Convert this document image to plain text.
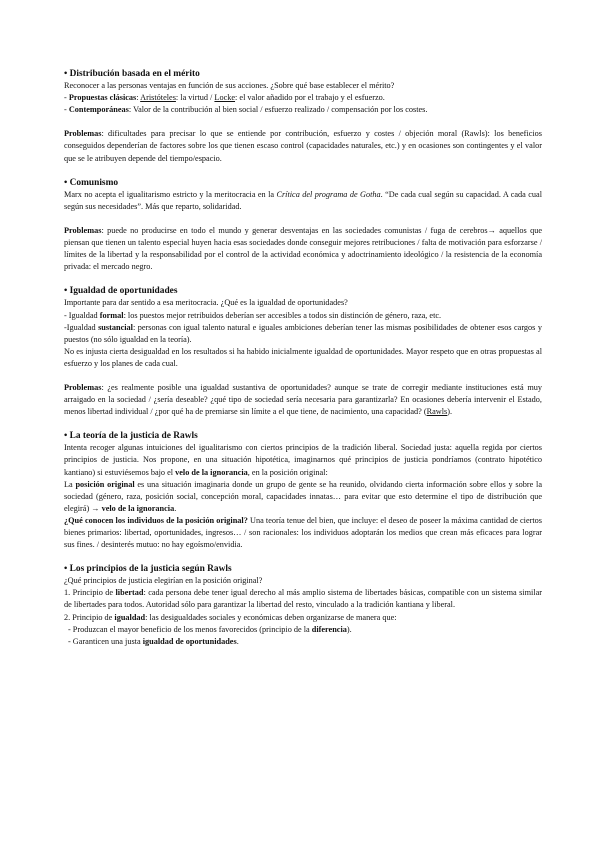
• Distribución basada en el mérito

Reconocer a las personas ventajas en función de sus acciones. ¿Sobre qué base establecer el mérito?

- Propuestas clásicas: Aristóteles: la virtud / Locke: el valor añadido por el trabajo y el esfuerzo.

- Contemporáneas: Valor de la contribución al bien social / esfuerzo realizado / compensación por los costes.

Problemas: dificultades para precisar lo que se entiende por contribución, esfuerzo y costes / objeción moral (Rawls): los beneficios conseguidos dependerían de factores sobre los que tienen escaso control (capacidades naturales, etc.) y en ocasiones son contingentes y el valor que se le atribuyen depende del tiempo/espacio.

• Comunismo

Marx no acepta el igualitarismo estricto y la meritocracia en la Crítica del programa de Gotha. “De cada cual según su capacidad. A cada cual según sus necesidades”. Más que reparto, solidaridad.

Problemas: puede no producirse en todo el mundo y generar desventajas en las sociedades comunistas / fuga de cerebros→ aquellos que piensan que tienen un talento especial huyen hacia esas sociedades donde conseguir mejores retribuciones / falta de motivación para esforzarse / límites de la libertad y la responsabilidad por el control de la actividad económica y adoctrinamiento ideológico / la resistencia de la economía privada: el mercado negro.

• Igualdad de oportunidades

Importante para dar sentido a esa meritocracia. ¿Qué es la igualdad de oportunidades?

- Igualdad formal: los puestos mejor retribuidos deberían ser accesibles a todos sin distinción de género, raza, etc.

-Igualdad sustancial: personas con igual talento natural e iguales ambiciones deberían tener las mismas posibilidades de obtener esos cargos y puestos (no sólo igualdad en la teoría).

No es injusta cierta desigualdad en los resultados si ha habido inicialmente igualdad de oportunidades. Mayor respeto que en otras propuestas al esfuerzo y los planes de cada cual.

Problemas: ¿es realmente posible una igualdad sustantiva de oportunidades? aunque se trate de corregir mediante instituciones está muy arraigado en la sociedad / ¿sería deseable? ¿qué tipo de sociedad sería necesaria para garantizarla? En ocasiones debería intervenir el Estado, menos libertad individual / ¿por qué ha de premiarse sin límite a el que tiene, de nacimiento, una capacidad? (Rawls).

• La teoría de la justicia de Rawls

Intenta recoger algunas intuiciones del igualitarismo con ciertos principios de la tradición liberal. Sociedad justa: aquella regida por ciertos principios de justicia. Nos propone, en una situación hipotética, imaginarnos qué principios de justicia pondríamos (contrato hipotético kantiano) si estuviésemos bajo el velo de la ignorancia, en la posición original:

La posición original es una situación imaginaria donde un grupo de gente se ha reunido, olvidando cierta información sobre ellos y sobre la sociedad (género, raza, posición social, concepción moral, capacidades innatas… para evitar que esto determine el tipo de distribución que elegirá) → velo de la ignorancia.

¿Qué conocen los individuos de la posición original? Una teoría tenue del bien, que incluye: el deseo de poseer la máxima cantidad de ciertos bienes primarios: libertad, oportunidades, ingresos… / son racionales: los individuos adoptarán los medios que crean más eficaces para lograr sus fines. / desinterés mutuo: no hay egoísmo/envidia.

• Los principios de la justicia según Rawls

¿Qué principios de justicia elegirían en la posición original?

1. Principio de libertad: cada persona debe tener igual derecho al más amplio sistema de libertades básicas, compatible con un sistema similar de libertades para todos. Autoridad sólo para garantizar la libertad del resto, vinculado a la tradición kantiana y liberal.

2. Principio de igualdad: las desigualdades sociales y económicas deben organizarse de manera que:

- Produzcan el mayor beneficio de los menos favorecidos (principio de la diferencia).

- Garanticen una justa igualdad de oportunidades.
